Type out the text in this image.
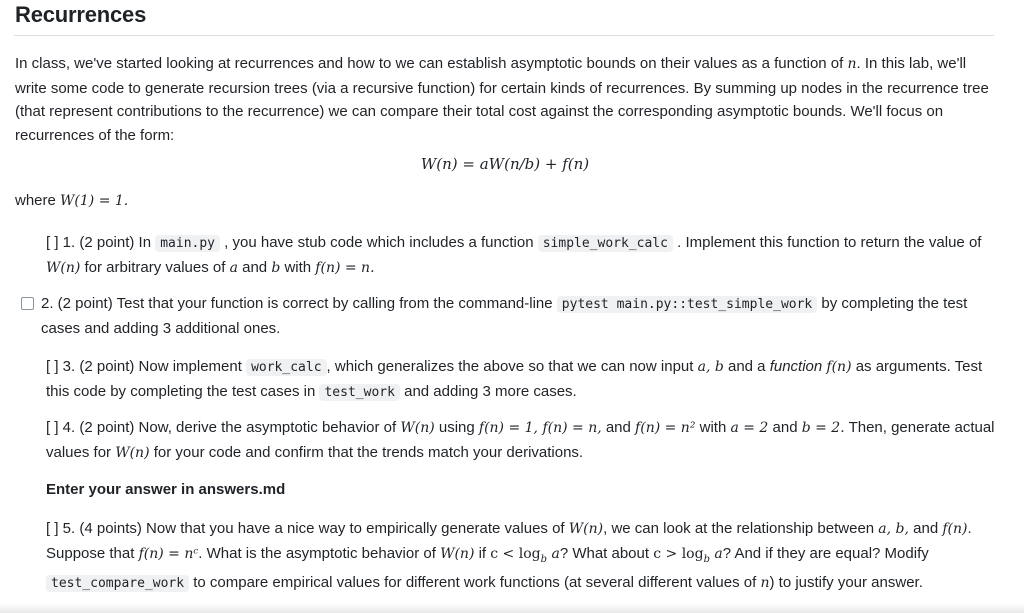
Recurrences

In class, we've started looking at recurrences and how to we can establish asymptotic bounds on their values as a function of n. In this lab, we'll write some code to generate recursion trees (via a recursive function) for certain kinds of recurrences. By summing up nodes in the recurrence tree (that represent contributions to the recurrence) we can compare their total cost against the corresponding asymptotic bounds. We'll focus on recurrences of the form:

W(n) = aW(n/b) + f(n)

where W(1) = 1.

[ ] 1. (2 point) In main.py , you have stub code which includes a function simple_work_calc . Implement this function to return the value of W(n) for arbitrary values of a and b with f(n) = n.

2. (2 point) Test that your function is correct by calling from the command-line pytest main.py::test_simple_work by completing the test cases and adding 3 additional ones.

[ ] 3. (2 point) Now implement work_calc , which generalizes the above so that we can now input a, b and a function f(n) as arguments. Test this code by completing the test cases in test_work and adding 3 more cases.

[ ] 4. (2 point) Now, derive the asymptotic behavior of W(n) using f(n) = 1, f(n) = n, and f(n) = n² with a = 2 and b = 2. Then, generate actual values for W(n) for your code and confirm that the trends match your derivations.

Enter your answer in answers.md

[ ] 5. (4 points) Now that you have a nice way to empirically generate values of W(n), we can look at the relationship between a, b, and f(n). Suppose that f(n) = nᶜ. What is the asymptotic behavior of W(n) if $c < \log_b a$? What about $c > \log_b a$? And if they are equal? Modify test_compare_work to compare empirical values for different work functions (at several different values of n) to justify your answer.
